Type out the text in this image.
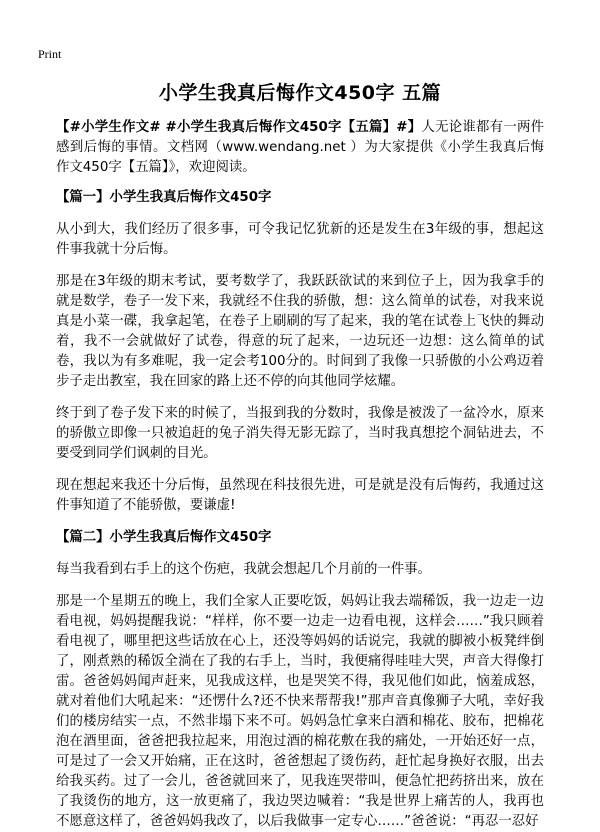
Print
小学生我真后悔作文450字 五篇

【#小学生作文# #小学生我真后悔作文450字【五篇】#】人无论谁都有一两件感到后悔的事情。文档网（www.wendang.net ）为大家提供《小学生我真后悔作文450字【五篇】》，欢迎阅读。

【篇一】小学生我真后悔作文450字

从小到大，我们经历了很多事，可令我记忆犹新的还是发生在3年级的事，想起这件事我就十分后悔。

那是在3年级的期末考试，要考数学了，我跃跃欲试的来到位子上，因为我拿手的就是数学，卷子一发下来，我就经不住我的骄傲，想：这么简单的试卷，对我来说真是小菜一碟，我拿起笔，在卷子上刷刷的写了起来，我的笔在试卷上飞快的舞动着，我不一会就做好了试卷，得意的玩了起来，一边玩还一边想：这么简单的试卷，我以为有多难呢，我一定会考100分的。时间到了我像一只骄傲的小公鸡迈着步子走出教室，我在回家的路上还不停的向其他同学炫耀。

终于到了卷子发下来的时候了，当报到我的分数时，我像是被泼了一盆冷水，原来的骄傲立即像一只被追赶的兔子消失得无影无踪了，当时我真想挖个洞钻进去，不要受到同学们讽刺的目光。

现在想起来我还十分后悔，虽然现在科技很先进，可是就是没有后悔药，我通过这件事知道了不能骄傲，要谦虚!

【篇二】小学生我真后悔作文450字

每当我看到右手上的这个伤疤，我就会想起几个月前的一件事。

那是一个星期五的晚上，我们全家人正要吃饭，妈妈让我去端稀饭，我一边走一边看电视，妈妈提醒我说：“样样，你不要一边走一边看电视，这样会……”我只顾着看电视了，哪里把这些话放在心上，还没等妈妈的话说完，我就的脚被小板凳绊倒了，刚煮熟的稀饭全淌在了我的右手上，当时，我便痛得哇哇大哭，声音大得像打雷。爸爸妈妈闻声赶来，见我成这样，也是哭笑不得，我见他们如此，恼羞成怒，就对着他们大吼起来：“还愣什么?还不快来帮帮我!”那声音真像狮子大吼，幸好我们的楼房结实一点，不然非塌下来不可。妈妈急忙拿来白酒和棉花、胶布，把棉花泡在酒里面，爸爸把我拉起来，用泡过酒的棉花敷在我的痛处，一开始还好一点，可是过了一会又开始痛，正在这时，爸爸想起了烫伤药，赶忙起身换好衣服，出去给我买药。过了一会儿，爸爸就回来了，见我连哭带叫，便急忙把药挤出来，放在了我烫伤的地方，这一放更痛了，我边哭边喊着：“我是世界上痛苦的人，我再也不愿意这样了，爸爸妈妈我改了，以后我做事一定专心……”爸爸说：“再忍一忍好
